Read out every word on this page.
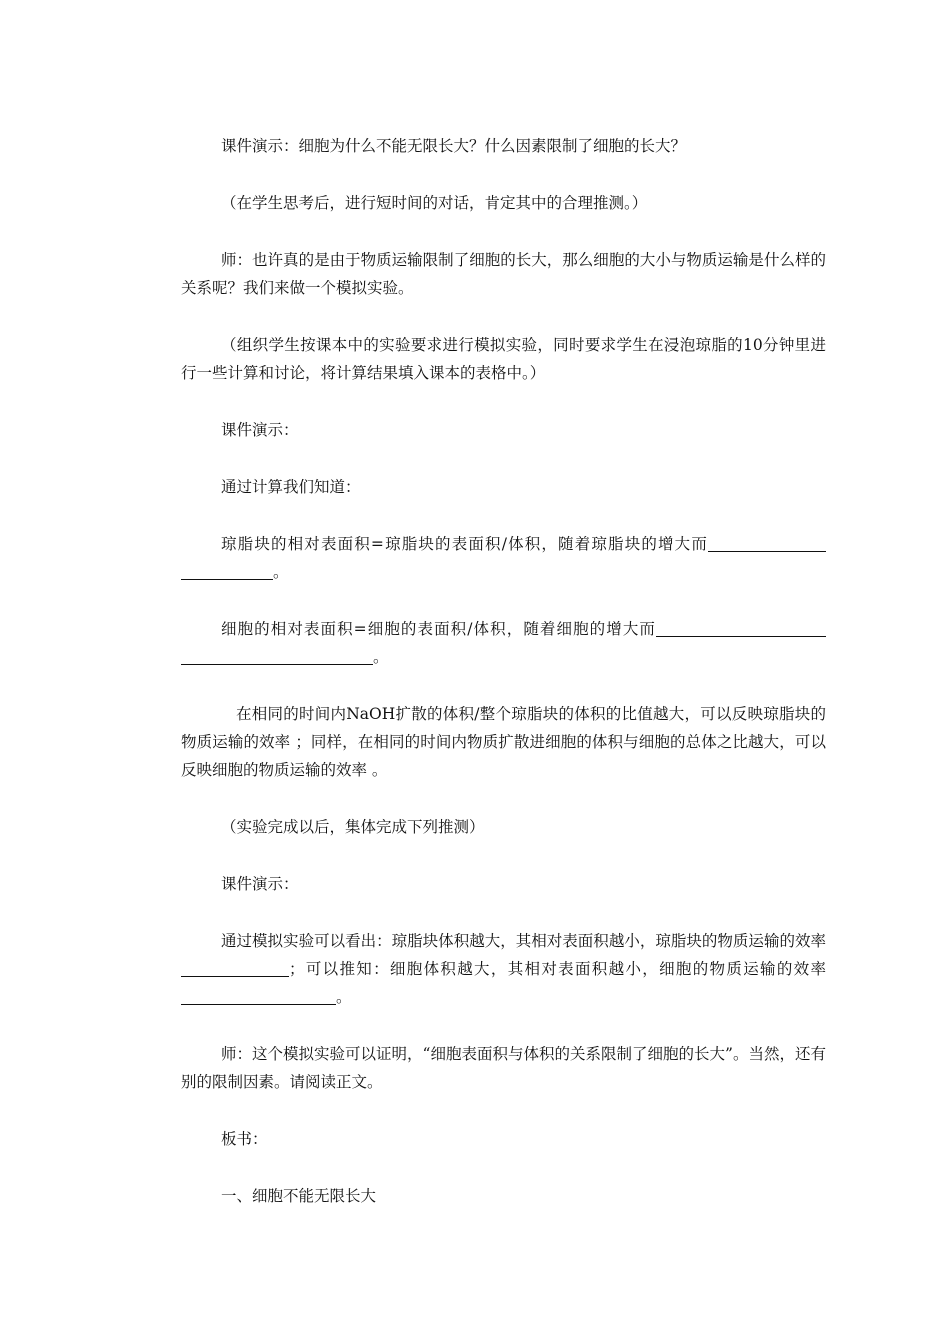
课件演示：细胞为什么不能无限长大？什么因素限制了细胞的长大？

（在学生思考后，进行短时间的对话，肯定其中的合理推测。）

师：也许真的是由于物质运输限制了细胞的长大，那么细胞的大小与物质运输是什么样的关系呢？我们来做一个模拟实验。

（组织学生按课本中的实验要求进行模拟实验，同时要求学生在浸泡琼脂的10分钟里进行一些计算和讨论，将计算结果填入课本的表格中。）

课件演示：

通过计算我们知道：

琼脂块的相对表面积=琼脂块的表面积/体积，随着琼脂块的增大而。

细胞的相对表面积=细胞的表面积/体积，随着细胞的增大而。

在相同的时间内NaOH扩散的体积/整个琼脂块的体积的比值越大，可以反映琼脂块的物质运输的效率 ；同样，在相同的时间内物质扩散进细胞的体积与细胞的总体之比越大，可以反映细胞的物质运输的效率 。

（实验完成以后，集体完成下列推测）

课件演示：

通过模拟实验可以看出：琼脂块体积越大，其相对表面积越小，琼脂块的物质运输的效率；可以推知：细胞体积越大，其相对表面积越小，细胞的物质运输的效率。

师：这个模拟实验可以证明，“细胞表面积与体积的关系限制了细胞的长大”。当然，还有别的限制因素。请阅读正文。

板书：

一、细胞不能无限长大
